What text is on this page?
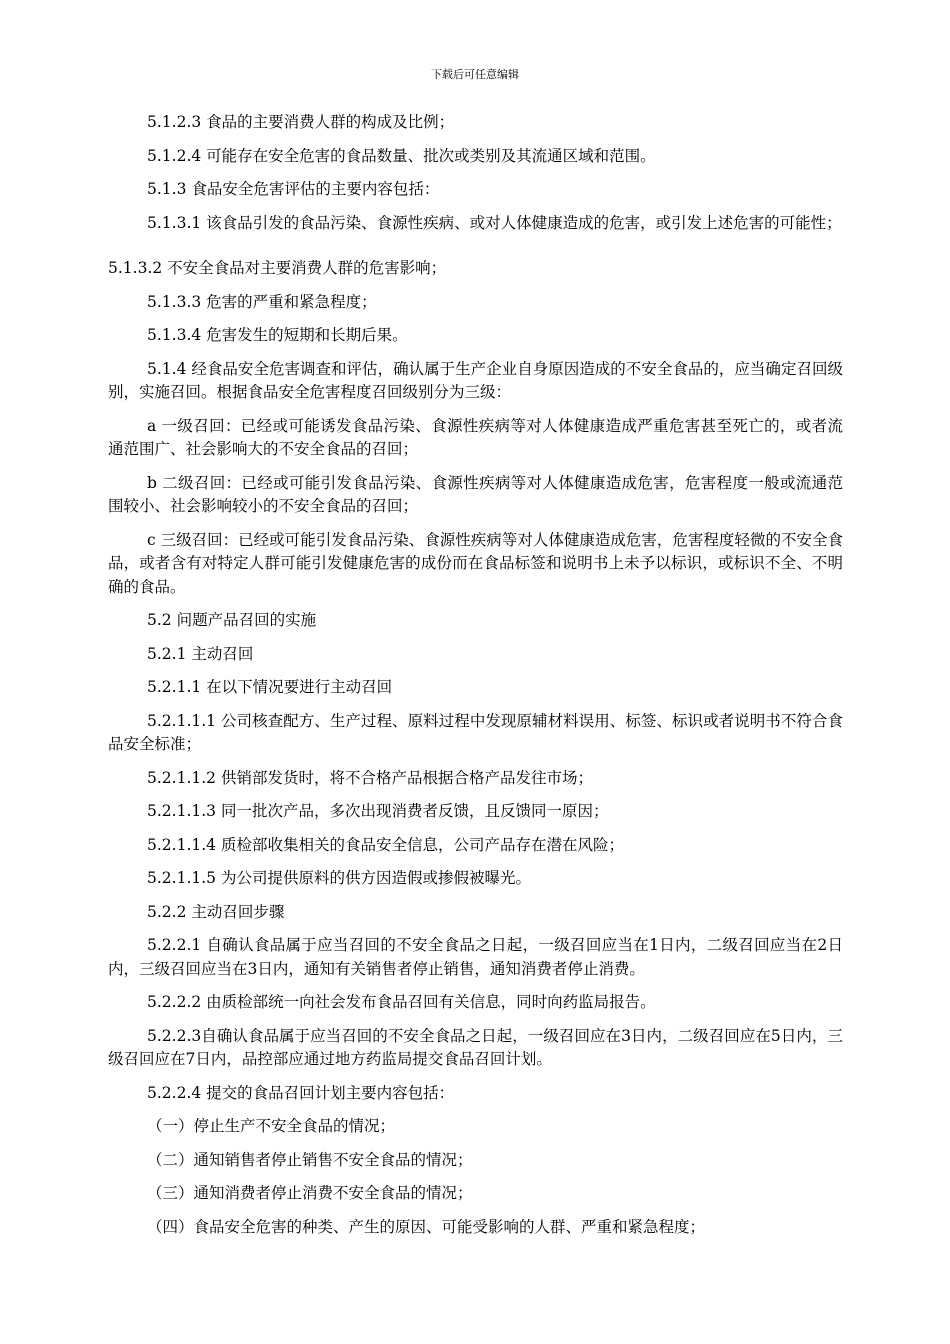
下载后可任意编辑

5.1.2.3 食品的主要消费人群的构成及比例；

5.1.2.4 可能存在安全危害的食品数量、批次或类别及其流通区域和范围。

5.1.3 食品安全危害评估的主要内容包括：

5.1.3.1 该食品引发的食品污染、食源性疾病、或对人体健康造成的危害，或引发上述危害的可能性；

5.1.3.2 不安全食品对主要消费人群的危害影响；

5.1.3.3 危害的严重和紧急程度；

5.1.3.4 危害发生的短期和长期后果。

5.1.4 经食品安全危害调查和评估，确认属于生产企业自身原因造成的不安全食品的，应当确定召回级别，实施召回。根据食品安全危害程度召回级别分为三级：

a 一级召回：已经或可能诱发食品污染、食源性疾病等对人体健康造成严重危害甚至死亡的，或者流通范围广、社会影响大的不安全食品的召回；

b 二级召回：已经或可能引发食品污染、食源性疾病等对人体健康造成危害，危害程度一般或流通范围较小、社会影响较小的不安全食品的召回；

c 三级召回：已经或可能引发食品污染、食源性疾病等对人体健康造成危害，危害程度轻微的不安全食品，或者含有对特定人群可能引发健康危害的成份而在食品标签和说明书上未予以标识，或标识不全、不明确的食品。

5.2 问题产品召回的实施

5.2.1 主动召回

5.2.1.1 在以下情况要进行主动召回

5.2.1.1.1 公司核查配方、生产过程、原料过程中发现原辅材料误用、标签、标识或者说明书不符合食品安全标准；

5.2.1.1.2 供销部发货时，将不合格产品根据合格产品发往市场；

5.2.1.1.3 同一批次产品，多次出现消费者反馈，且反馈同一原因；

5.2.1.1.4 质检部收集相关的食品安全信息，公司产品存在潜在风险；

5.2.1.1.5 为公司提供原料的供方因造假或掺假被曝光。

5.2.2 主动召回步骤

5.2.2.1 自确认食品属于应当召回的不安全食品之日起，一级召回应当在1日内，二级召回应当在2日内，三级召回应当在3日内，通知有关销售者停止销售，通知消费者停止消费。

5.2.2.2 由质检部统一向社会发布食品召回有关信息，同时向药监局报告。

5.2.2.3自确认食品属于应当召回的不安全食品之日起，一级召回应在3日内，二级召回应在5日内，三级召回应在7日内，品控部应通过地方药监局提交食品召回计划。

5.2.2.4 提交的食品召回计划主要内容包括：

（一）停止生产不安全食品的情况；

（二）通知销售者停止销售不安全食品的情况；

（三）通知消费者停止消费不安全食品的情况；

（四）食品安全危害的种类、产生的原因、可能受影响的人群、严重和紧急程度；
